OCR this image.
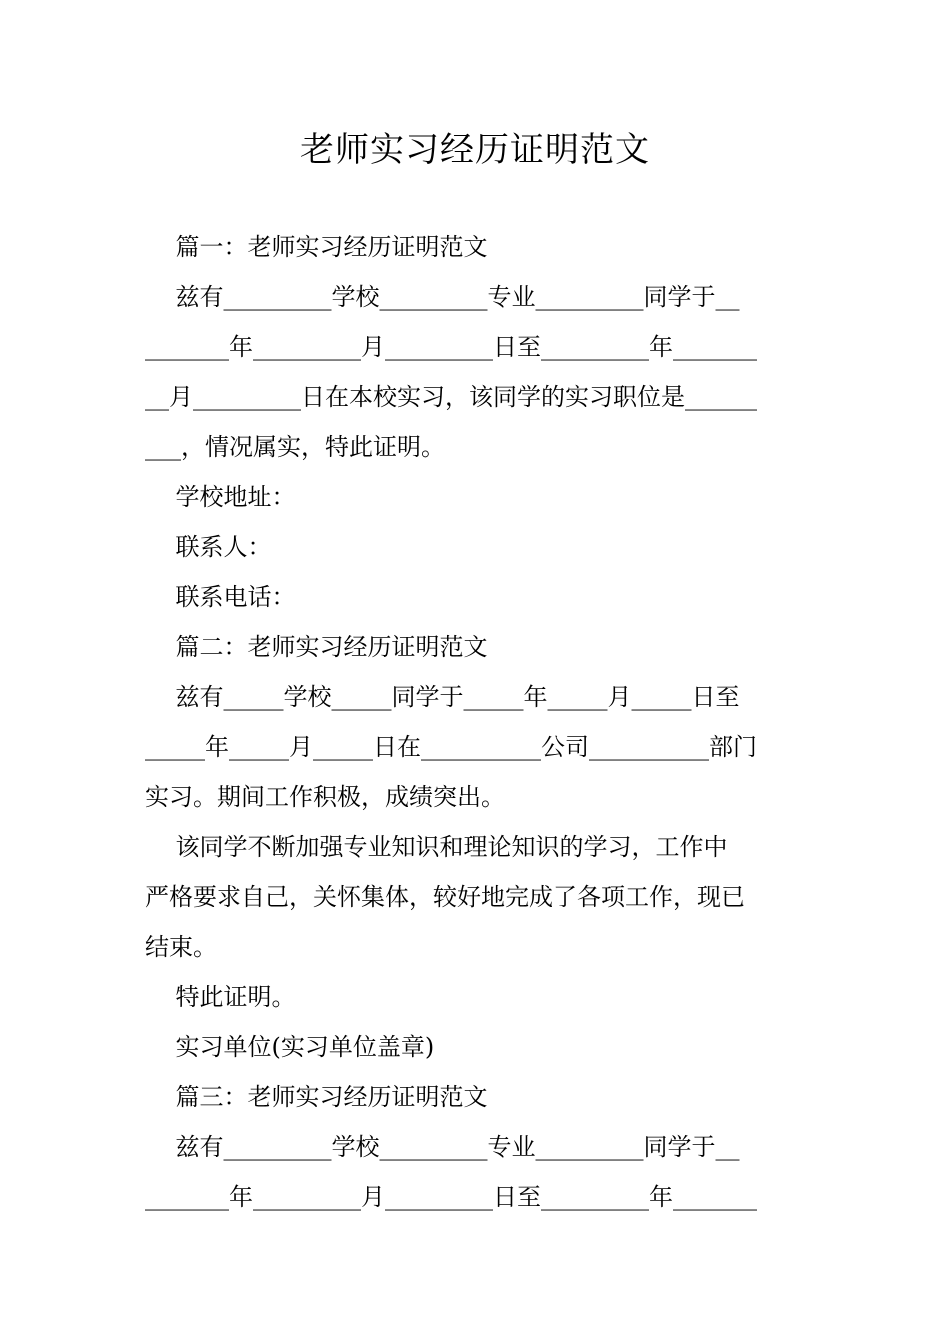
老师实习经历证明范文
篇一：老师实习经历证明范文
兹有_________学校_________专业_________同学于__
_______年_________月_________日至_________年_______
__月_________日在本校实习，该同学的实习职位是______
___，情况属实，特此证明。
学校地址：
联系人：
联系电话：
篇二：老师实习经历证明范文
兹有_____学校_____同学于_____年_____月_____日至
_____年_____月_____日在__________公司__________部门
实习。期间工作积极，成绩突出。
该同学不断加强专业知识和理论知识的学习，工作中
严格要求自己，关怀集体，较好地完成了各项工作，现已
结束。
特此证明。
实习单位(实习单位盖章)
篇三：老师实习经历证明范文
兹有_________学校_________专业_________同学于__
_______年_________月_________日至_________年_______
